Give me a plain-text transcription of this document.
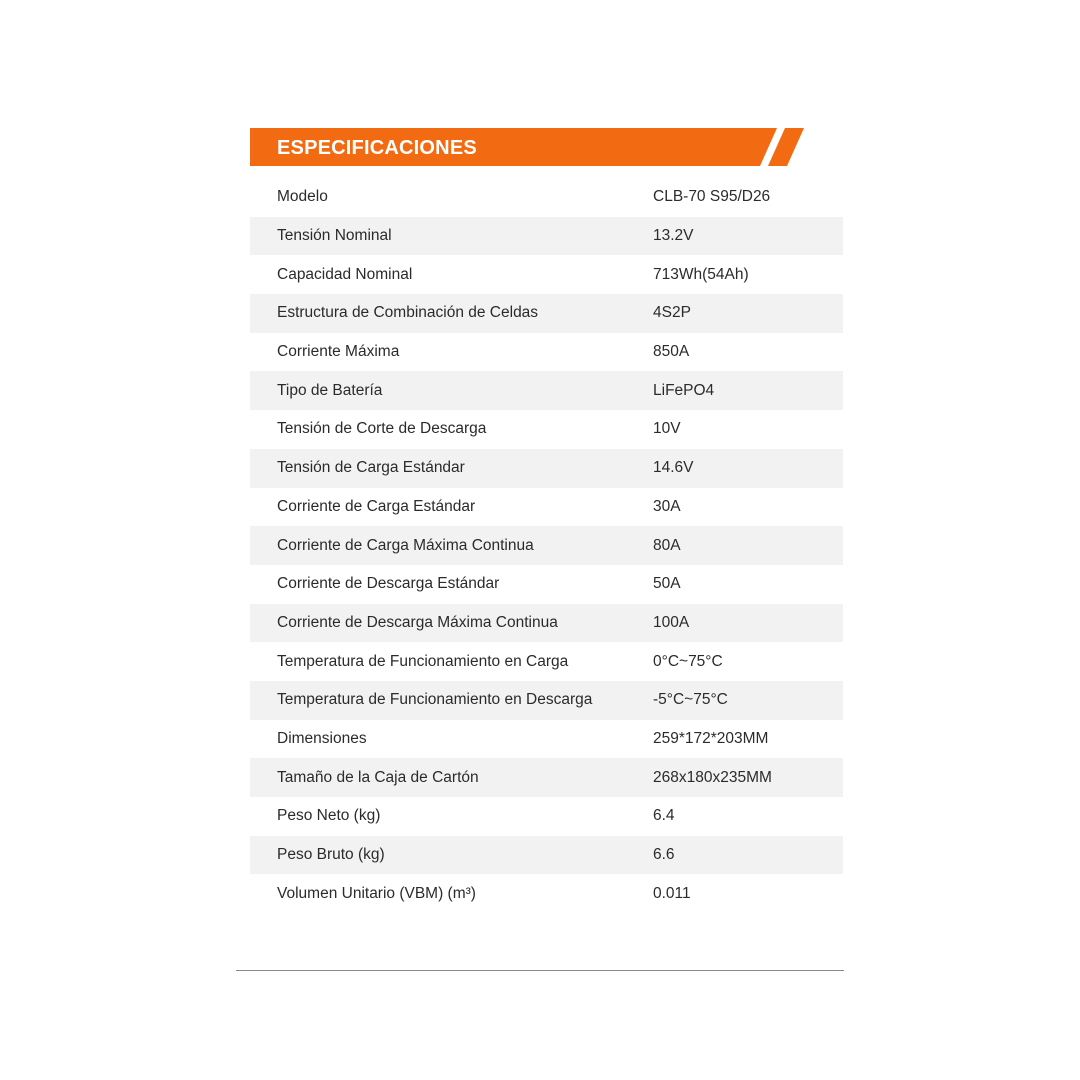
ESPECIFICACIONES
Modelo	CLB-70 S95/D26
Tensión Nominal	13.2V
Capacidad Nominal	713Wh(54Ah)
Estructura de Combinación de Celdas	4S2P
Corriente Máxima	850A
Tipo de Batería	LiFePO4
Tensión de Corte de Descarga	10V
Tensión de Carga Estándar	14.6V
Corriente de Carga Estándar	30A
Corriente de Carga Máxima Continua	80A
Corriente de Descarga Estándar	50A
Corriente de Descarga Máxima Continua	100A
Temperatura de Funcionamiento en Carga	0°C~75°C
Temperatura de Funcionamiento en Descarga	-5°C~75°C
Dimensiones	259*172*203MM
Tamaño de la Caja de Cartón	268x180x235MM
Peso Neto (kg)	6.4
Peso Bruto (kg)	6.6
Volumen Unitario (VBM) (m³)	0.011
